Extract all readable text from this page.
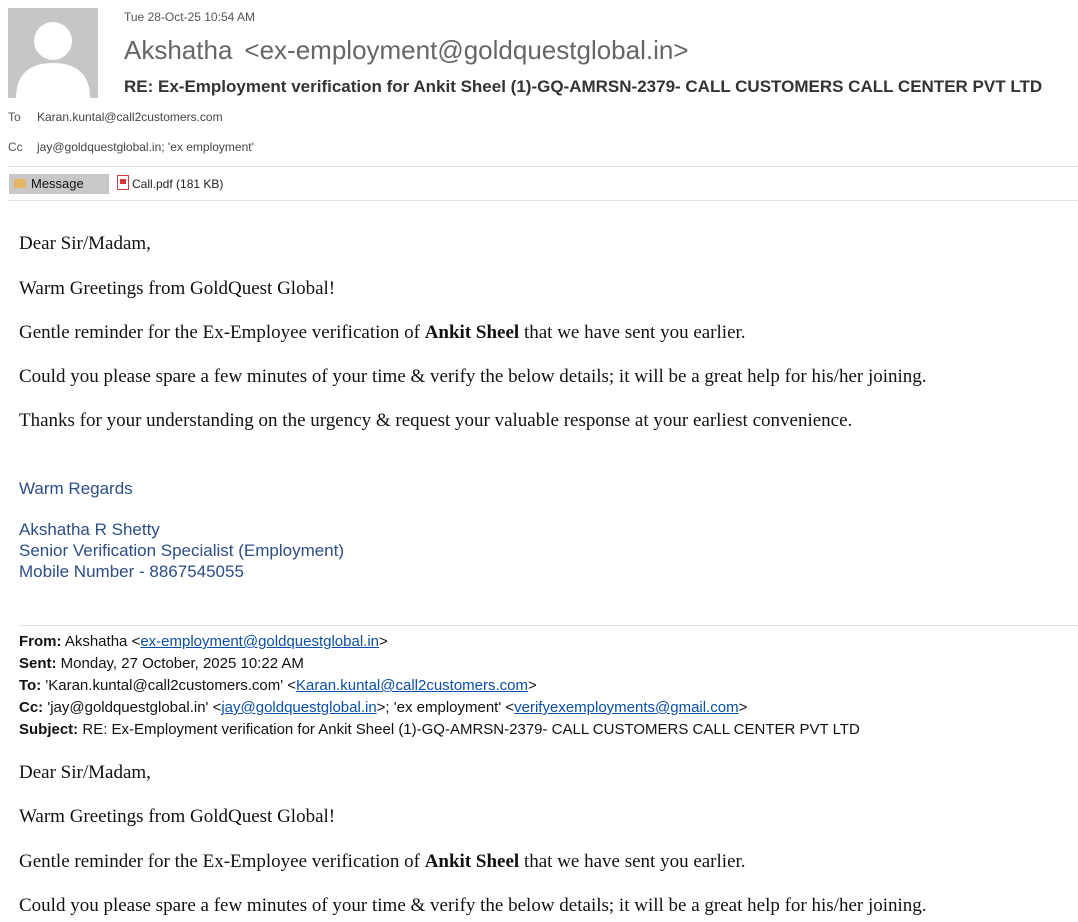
Tue 28-Oct-25 10:54 AM
Akshatha <ex-employment@goldquestglobal.in>
RE: Ex-Employment verification for Ankit Sheel (1)-GQ-AMRSN-2379- CALL CUSTOMERS CALL CENTER PVT LTD
To Karan.kuntal@call2customers.com
Cc jay@goldquestglobal.in; 'ex employment'
Message	Call.pdf (181 KB)
Dear Sir/Madam,
Warm Greetings from GoldQuest Global!
Gentle reminder for the Ex-Employee verification of Ankit Sheel that we have sent you earlier.
Could you please spare a few minutes of your time & verify the below details; it will be a great help for his/her joining.
Thanks for your understanding on the urgency & request your valuable response at your earliest convenience.
Warm Regards
Akshatha R Shetty
Senior Verification Specialist (Employment)
Mobile Number - 8867545055
From: Akshatha <ex-employment@goldquestglobal.in>
Sent: Monday, 27 October, 2025 10:22 AM
To: 'Karan.kuntal@call2customers.com' <Karan.kuntal@call2customers.com>
Cc: 'jay@goldquestglobal.in' <jay@goldquestglobal.in>; 'ex employment' <verifyexemployments@gmail.com>
Subject: RE: Ex-Employment verification for Ankit Sheel (1)-GQ-AMRSN-2379- CALL CUSTOMERS CALL CENTER PVT LTD
Dear Sir/Madam,
Warm Greetings from GoldQuest Global!
Gentle reminder for the Ex-Employee verification of Ankit Sheel that we have sent you earlier.
Could you please spare a few minutes of your time & verify the below details; it will be a great help for his/her joining.
